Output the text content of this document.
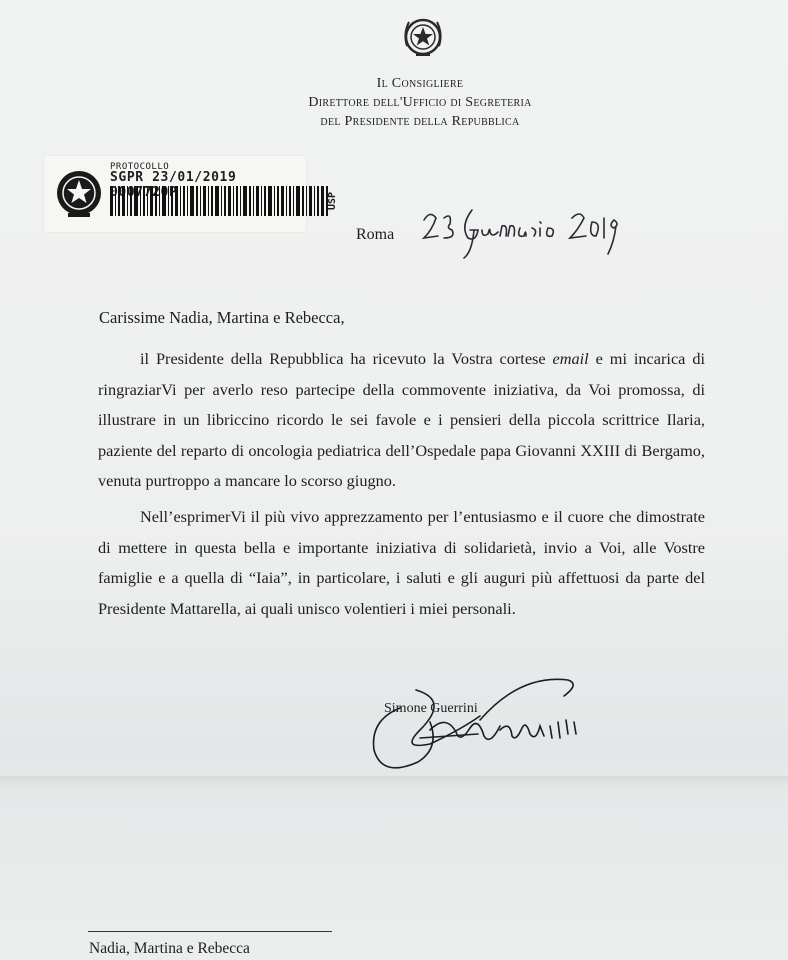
Il Consigliere
Direttore dell'Ufficio di Segreteria
del Presidente della Repubblica
PROTOCOLLO
SGPR 23/01/2019
USP
Roma
Carissime Nadia, Martina e Rebecca,

il Presidente della Repubblica ha ricevuto la Vostra cortese email e mi incarica di ringraziarVi per averlo reso partecipe della commovente iniziativa, da Voi promossa, di illustrare in un libriccino ricordo le sei favole e i pensieri della piccola scrittrice Ilaria, paziente del reparto di oncologia pediatrica dell’Ospedale papa Giovanni XXIII di Bergamo, venuta purtroppo a mancare lo scorso giugno.

Nell’esprimerVi il più vivo apprezzamento per l’entusiasmo e il cuore che dimostrate di mettere in questa bella e importante iniziativa di solidarietà, invio a Voi, alle Vostre famiglie e a quella di “Iaia”, in particolare, i saluti e gli auguri più affettuosi da parte del Presidente Mattarella, ai quali unisco volentieri i miei personali.

Simone Guerrini
Nadia, Martina e Rebecca
